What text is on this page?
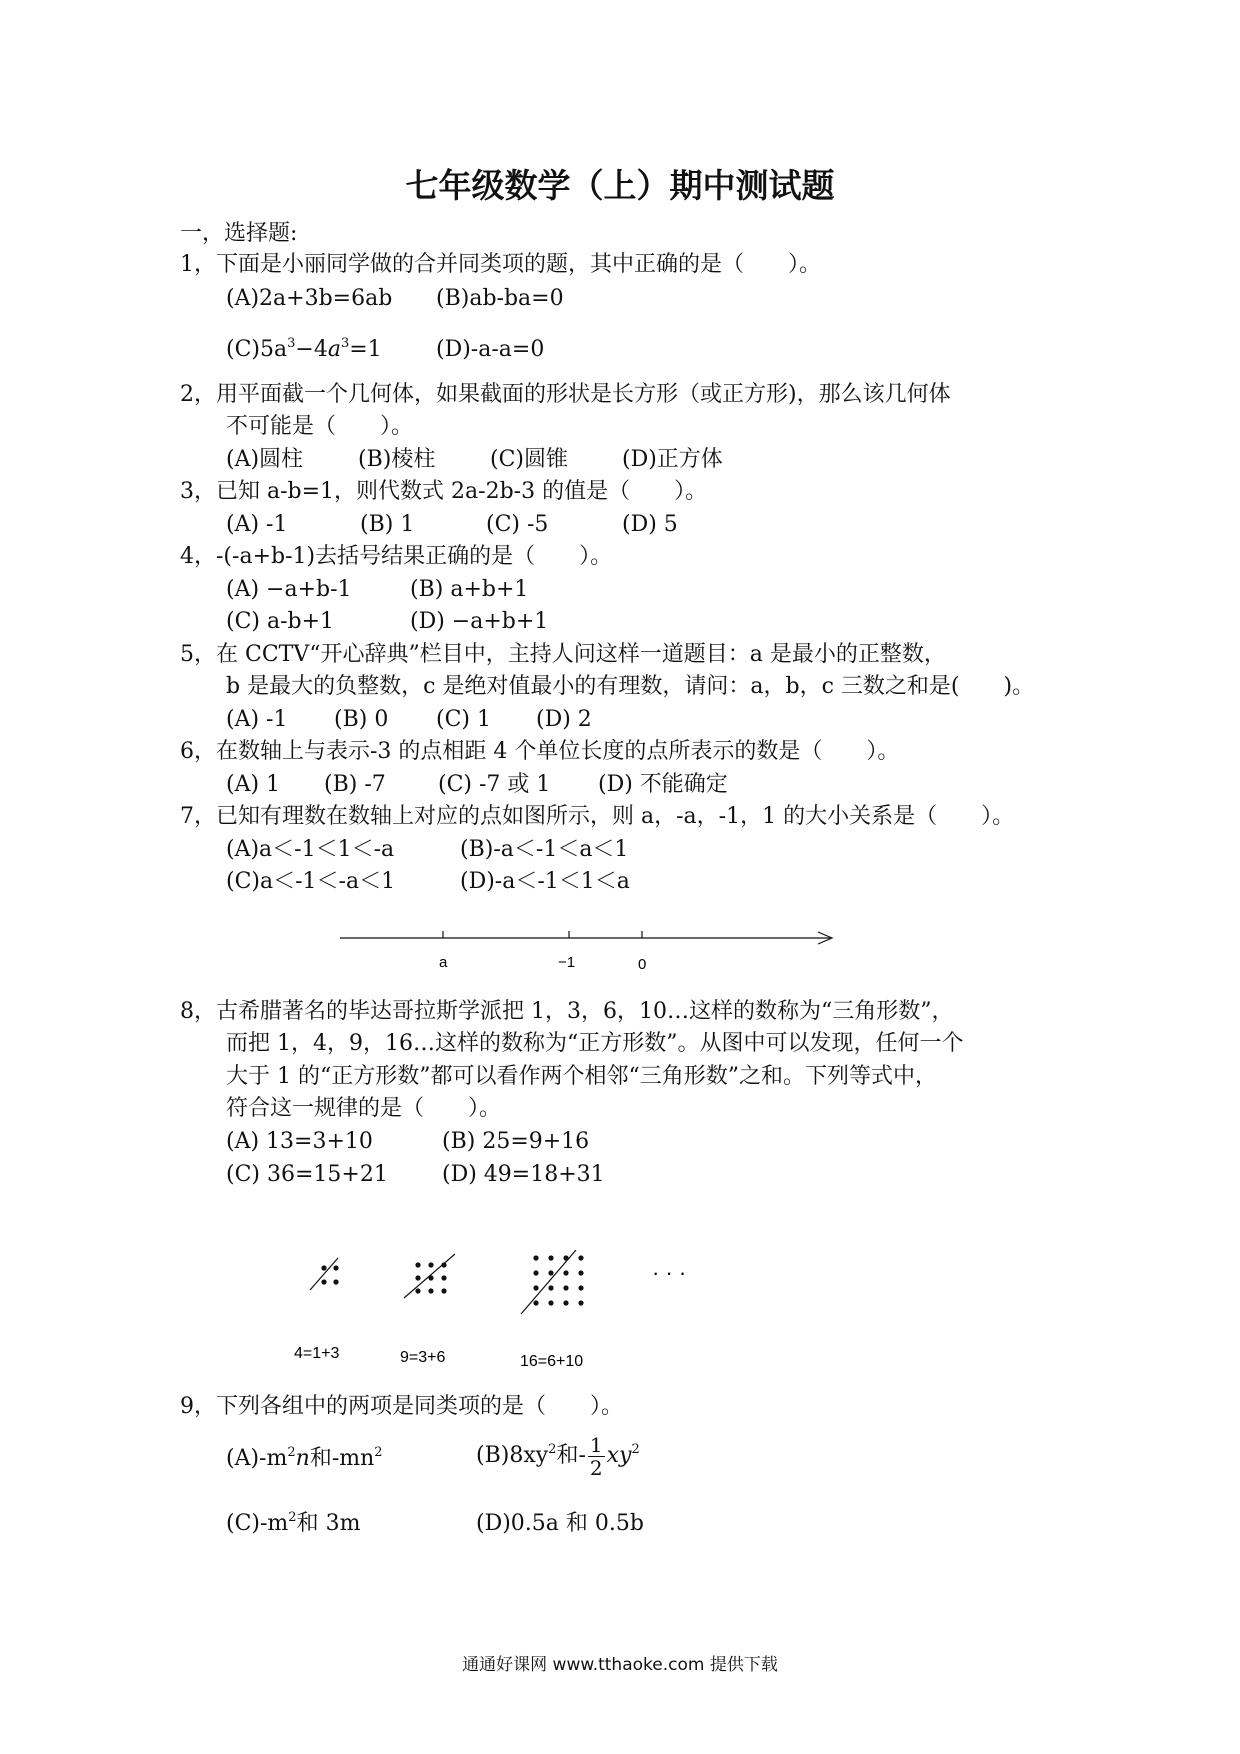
七年级数学（上）期中测试题
一，选择题:
1，下面是小丽同学做的合并同类项的题，其中正确的是（　　）。
(A)2a+3b=6ab (B)ab-ba=0
$(C)5a^3-4a^3=1$ (D)-a-a=0
2，用平面截一个几何体，如果截面的形状是长方形（或正方形)，那么该几何体
不可能是（　　）。
(A)圆柱 (B)棱柱 (C)圆锥 (D)正方体
3，已知 a-b=1，则代数式 2a-2b-3 的值是（　　）。
(A) -1	(B) 1	(C) -5	(D) 5
4，-(-a+b-1)去括号结果正确的是（　　）。
(A) −a+b-1	(B) a+b+1
(C) a-b+1	(D) −a+b+1
5，在 CCTV“开心辞典”栏目中，主持人问这样一道题目：a 是最小的正整数，
b 是最大的负整数，c 是绝对值最小的有理数，请问：a，b，c 三数之和是(　　)。
(A) -1 (B) 0 (C) 1 (D) 2
6，在数轴上与表示-3 的点相距 4 个单位长度的点所表示的数是（　　）。
(A) 1 (B) -7 (C) -7 或 1 (D) 不能确定
7，已知有理数在数轴上对应的点如图所示，则 a，-a，-1，1 的大小关系是（　　）。
(A)a＜-1＜1＜-a	(B)-a＜-1＜a＜1
(C)a＜-1＜-a＜1	(D)-a＜-1＜1＜a
a	−1	0
8，古希腊著名的毕达哥拉斯学派把 1，3，6，10…这样的数称为“三角形数”，
而把 1，4，9，16…这样的数称为“正方形数”。从图中可以发现，任何一个
大于 1 的“正方形数”都可以看作两个相邻“三角形数”之和。下列等式中，
符合这一规律的是（　　）。
(A) 13=3+10	(B) 25=9+16
(C) 36=15+21 (D) 49=18+31
· · ·
4=1+3	9=3+6	16=6+10
9，下列各组中的两项是同类项的是（　　）。
$(A)-m^2n$和$-mn^2$	$(B)8xy^2$和- $\frac{1}{2} xy^2$
$(C)-m^2$和 3m	(D)0.5a 和 0.5b
通通好课网 www.tthaoke.com 提供下载
